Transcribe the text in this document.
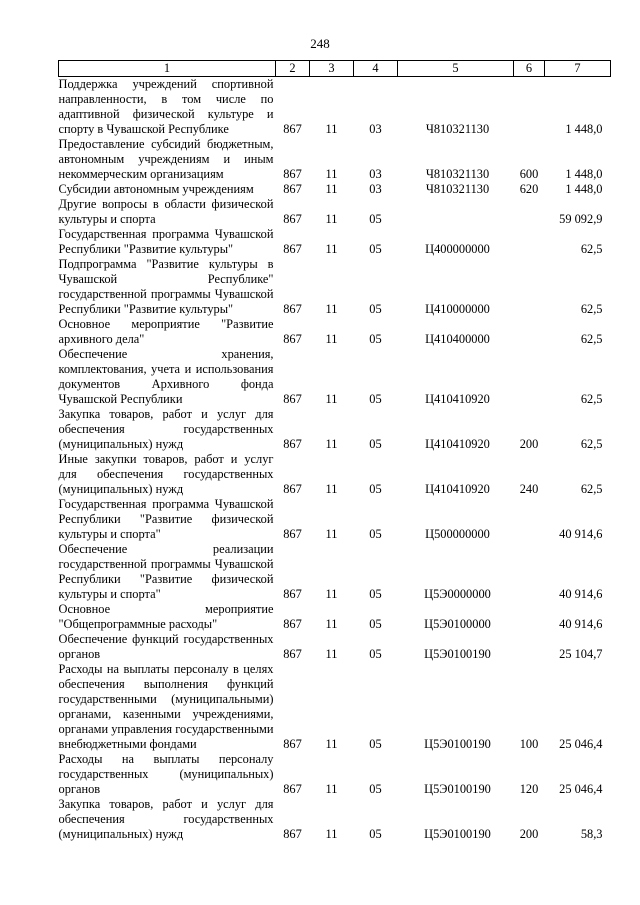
248
1	2	3	4	5	6	7
Поддержка учреждений спортивной направленности, в том числе по адаптивной физической культуре и спорту в Чувашской Республике	867	11	03	Ч810321130		1 448,0
Предоставление субсидий бюджетным, автономным учреждениям и иным некоммерческим организациям	867	11	03	Ч810321130	600	1 448,0
Субсидии автономным учреждениям	867	11	03	Ч810321130	620	1 448,0
Другие вопросы в области физической культуры и спорта	867	11	05			59 092,9
Государственная программа Чувашской Республики "Развитие культуры"	867	11	05	Ц400000000		62,5
Подпрограмма "Развитие культуры в Чувашской Республике" государственной программы Чувашской Республики "Развитие культуры"	867	11	05	Ц410000000		62,5
Основное мероприятие "Развитие архивного дела"	867	11	05	Ц410400000		62,5
Обеспечение хранения, комплектования, учета и использования документов Архивного фонда Чувашской Республики	867	11	05	Ц410410920		62,5
Закупка товаров, работ и услуг для обеспечения государственных (муниципальных) нужд	867	11	05	Ц410410920	200	62,5
Иные закупки товаров, работ и услуг для обеспечения государственных (муниципальных) нужд	867	11	05	Ц410410920	240	62,5
Государственная программа Чувашской Республики "Развитие физической культуры и спорта"	867	11	05	Ц500000000		40 914,6
Обеспечение реализации государственной программы Чувашской Республики "Развитие физической культуры и спорта"	867	11	05	Ц5Э0000000		40 914,6
Основное мероприятие "Общепрограммные расходы"	867	11	05	Ц5Э0100000		40 914,6
Обеспечение функций государственных органов	867	11	05	Ц5Э0100190		25 104,7
Расходы на выплаты персоналу в целях обеспечения выполнения функций государственными (муниципальными) органами, казенными учреждениями, органами управления государственными внебюджетными фондами	867	11	05	Ц5Э0100190	100	25 046,4
Расходы на выплаты персоналу государственных (муниципальных) органов	867	11	05	Ц5Э0100190	120	25 046,4
Закупка товаров, работ и услуг для обеспечения государственных (муниципальных) нужд	867	11	05	Ц5Э0100190	200	58,3
